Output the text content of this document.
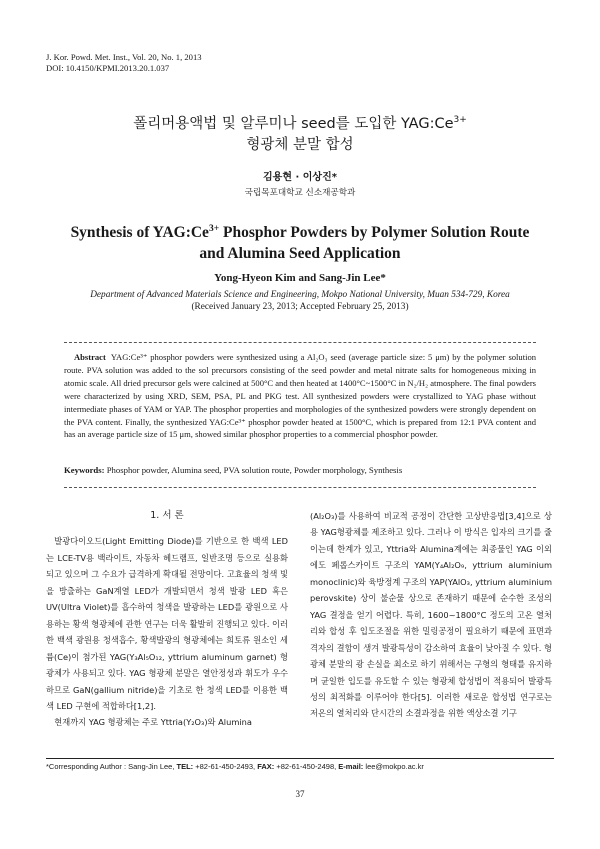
J. Kor. Powd. Met. Inst., Vol. 20, No. 1, 2013
DOI: 10.4150/KPMI.2013.20.1.037
폴리머용액법 및 알루미나 seed를 도입한 $YAG:Ce^{3+}$
형광체 분말 합성
김용현 · 이상진*
국립목포대학교 신소재공학과
Synthesis of $YAG:Ce^{3+}$ Phosphor Powders by Polymer Solution Route
and Alumina Seed Application
Yong-Hyeon Kim and Sang-Jin Lee*
Department of Advanced Materials Science and Engineering, Mokpo National University, Muan 534-729, Korea
(Received January 23, 2013; Accepted February 25, 2013)
Abstract YAG:Ce³⁺ phosphor powders were synthesized using a Al₂O₃ seed (average particle size: 5 μm) by the polymer solution route. PVA solution was added to the sol precursors consisting of the seed powder and metal nitrate salts for homogeneous mixing in atomic scale. All dried precursor gels were calcined at 500°C and then heated at 1400°C~1500°C in N₂/H₂ atmosphere. The final powders were characterized by using XRD, SEM, PSA, PL and PKG test. All synthesized powders were crystallized to YAG phase without intermediate phases of YAM or YAP. The phosphor properties and morphologies of the synthesized powders were strongly dependent on the PVA content. Finally, the synthesized YAG:Ce³⁺ phosphor powder heated at 1500°C, which is prepared from 12:1 PVA content and has an average particle size of 15 μm, showed similar phosphor properties to a commercial phosphor powder.
Keywords: Phosphor powder, Alumina seed, PVA solution route, Powder morphology, Synthesis
1. 서 론

발광다이오드(Light Emitting Diode)를 기반으로 한 백색 LED는 LCE-TV용 백라이트, 자동차 헤드램프, 일반조명 등으로 실용화되고 있으며 그 수요가 급격하게 확대될 전망이다. 고효율의 청색 빛을 방출하는 GaN계열 LED가 개발되면서 청색 발광 LED 혹은 UV(Ultra Violet)를 흡수하여 청색을 발광하는 LED를 광원으로 사용하는 황색 형광체에 관한 연구는 더욱 활발히 진행되고 있다. 이러한 백색 광원용 청색흡수, 황색발광의 형광체에는 희토류 원소인 세륨(Ce)이 첨가된 YAG(Y₃Al₅O₁₂, yttrium aluminum garnet) 형광체가 사용되고 있다. YAG 형광체 분말은 열안정성과 휘도가 우수하므로 GaN(gallium nitride)을 기초로 한 청색 LED를 이용한 백색 LED 구현에 적합하다[1,2].

현재까지 YAG 형광체는 주로 Yttria(Y₂O₃)와 Alumina

(Al₂O₃)를 사용하여 비교적 공정이 간단한 고상반응법[3,4]으로 상용 YAG형광체를 제조하고 있다. 그러나 이 방식은 입자의 크기를 줄이는데 한계가 있고, Yttria와 Alumina계에는 최종물인 YAG 이외에도 페롭스카이트 구조의 YAM(Y₄Al₂O₉, yttrium aluminium monoclinic)와 육방정계 구조의 YAP(YAlO₃, yttrium aluminium perovskite) 상이 불순물 상으로 존재하기 때문에 순수한 조성의 YAG 결정을 얻기 어렵다. 특히, 1600~1800°C 정도의 고온 열처리와 합성 후 입도조절을 위한 밀링공정이 필요하기 때문에 표면과 격자의 결함이 생겨 발광특성이 감소하여 효율이 낮아질 수 있다. 형광체 분말의 광 손실을 최소로 하기 위해서는 구형의 형태를 유지하며 균일한 입도를 유도할 수 있는 형광체 합성법이 적용되어 발광특성의 최적화를 이루어야 한다[5]. 이러한 새로운 합성법 연구로는 저온의 열처리와 단시간의 소결과정을 위한 액상소결 기구

*Corresponding Author : Sang-Jin Lee, TEL: +82-61-450-2493, FAX: +82-61-450-2498, E-mail: lee@mokpo.ac.kr
37
